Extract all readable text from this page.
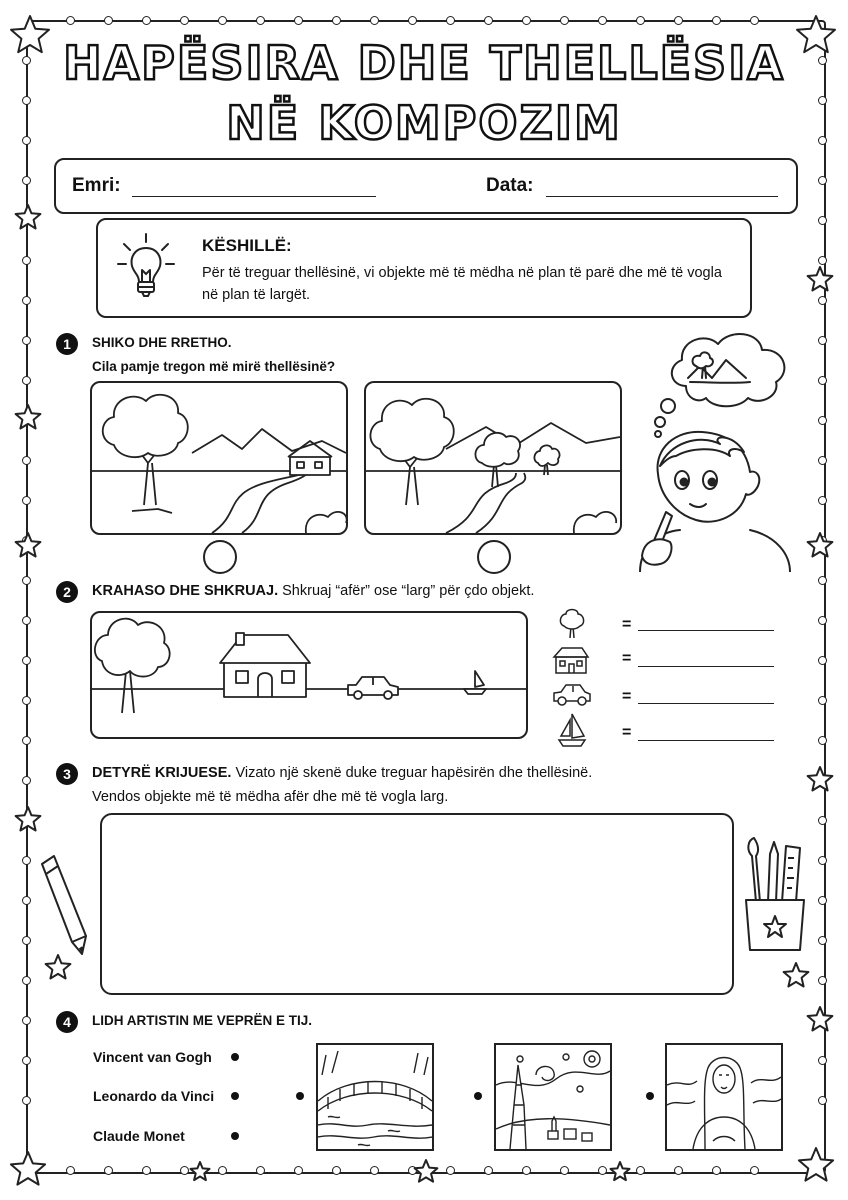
HAPËSIRA DHE THELLËSIA
NË KOMPOZIM
Emri:	Data:
KËSHILLË:
Për të treguar thellësinë, vi objekte më të mëdha në plan të parë dhe më të vogla në plan të largët.
1	SHIKO DHE RRETHO.
Cila pamje tregon më mirë thellësinë?
2	KRAHASO DHE SHKRUAJ. Shkruaj “afër” ose “larg” për çdo objekt.
=
=
=
=
3	DETYRË KRIJUESE. Vizato një skenë duke treguar hapësirën dhe thellësinë.
Vendos objekte më të mëdha afër dhe më të vogla larg.
4	LIDH ARTISTIN ME VEPRËN E TIJ.
Vincent van Gogh
Leonardo da Vinci
Claude Monet
